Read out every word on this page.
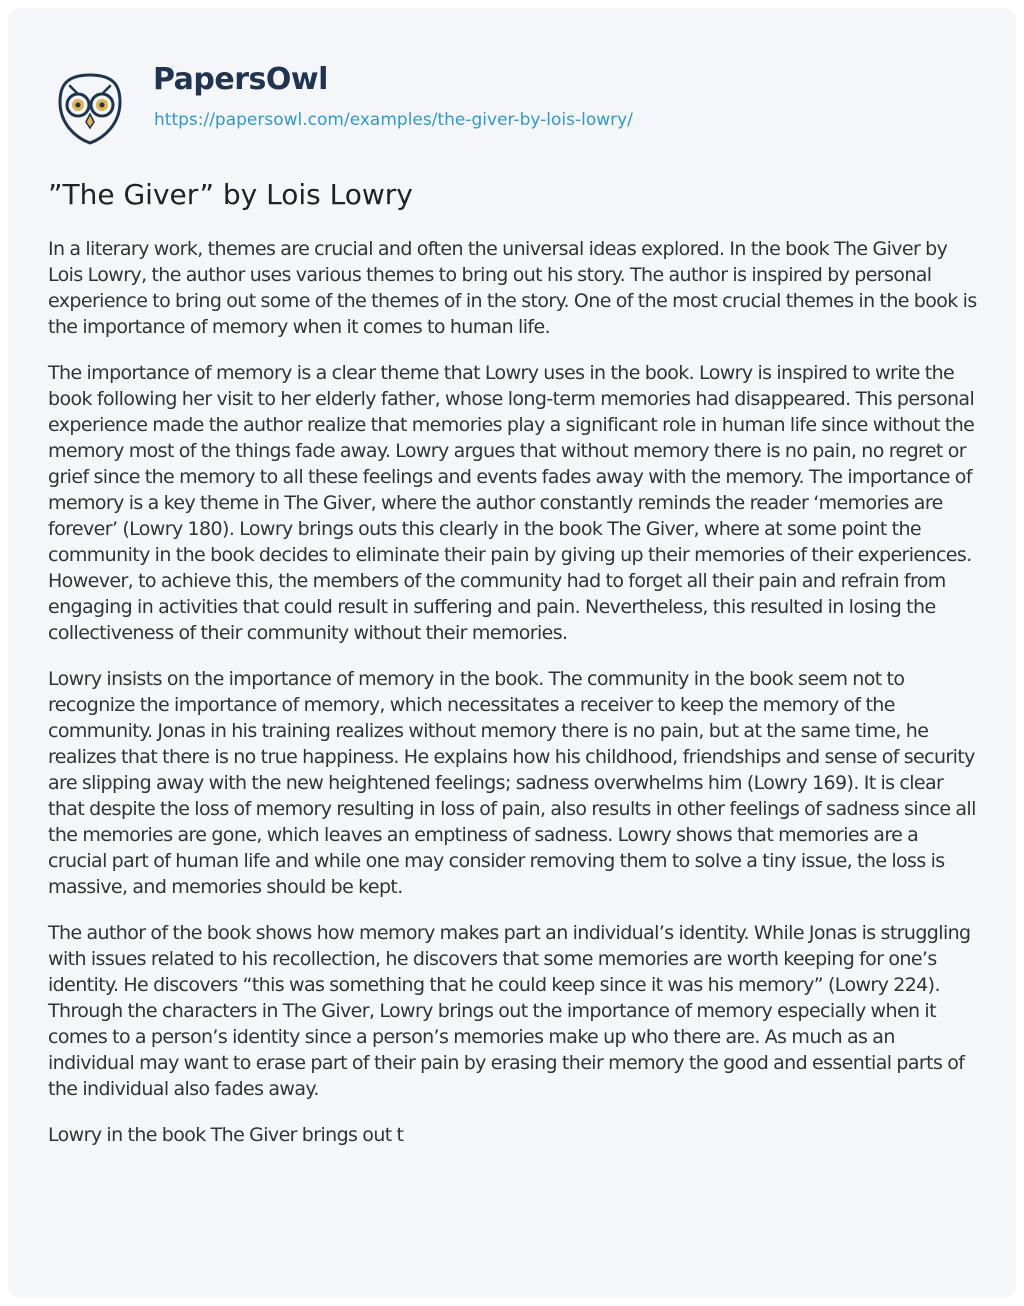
PapersOwl
https://papersowl.com/examples/the-giver-by-lois-lowry/
”The Giver” by Lois Lowry

In a literary work, themes are crucial and often the universal ideas explored. In the book The Giver by Lois Lowry, the author uses various themes to bring out his story. The author is inspired by personal experience to bring out some of the themes of in the story. One of the most crucial themes in the book is the importance of memory when it comes to human life.

The importance of memory is a clear theme that Lowry uses in the book. Lowry is inspired to write the book following her visit to her elderly father, whose long-term memories had disappeared. This personal experience made the author realize that memories play a significant role in human life since without the memory most of the things fade away. Lowry argues that without memory there is no pain, no regret or grief since the memory to all these feelings and events fades away with the memory. The importance of memory is a key theme in The Giver, where the author constantly reminds the reader ‘memories are forever’ (Lowry 180). Lowry brings outs this clearly in the book The Giver, where at some point the community in the book decides to eliminate their pain by giving up their memories of their experiences. However, to achieve this, the members of the community had to forget all their pain and refrain from engaging in activities that could result in suffering and pain. Nevertheless, this resulted in losing the collectiveness of their community without their memories.

Lowry insists on the importance of memory in the book. The community in the book seem not to recognize the importance of memory, which necessitates a receiver to keep the memory of the community. Jonas in his training realizes without memory there is no pain, but at the same time, he realizes that there is no true happiness. He explains how his childhood, friendships and sense of security are slipping away with the new heightened feelings; sadness overwhelms him (Lowry 169). It is clear that despite the loss of memory resulting in loss of pain, also results in other feelings of sadness since all the memories are gone, which leaves an emptiness of sadness. Lowry shows that memories are a crucial part of human life and while one may consider removing them to solve a tiny issue, the loss is massive, and memories should be kept.

The author of the book shows how memory makes part an individual’s identity. While Jonas is struggling with issues related to his recollection, he discovers that some memories are worth keeping for one’s identity. He discovers “this was something that he could keep since it was his memory” (Lowry 224). Through the characters in The Giver, Lowry brings out the importance of memory especially when it comes to a person’s identity since a person’s memories make up who there are. As much as an individual may want to erase part of their pain by erasing their memory the good and essential parts of the individual also fades away.

Lowry in the book The Giver brings out t
